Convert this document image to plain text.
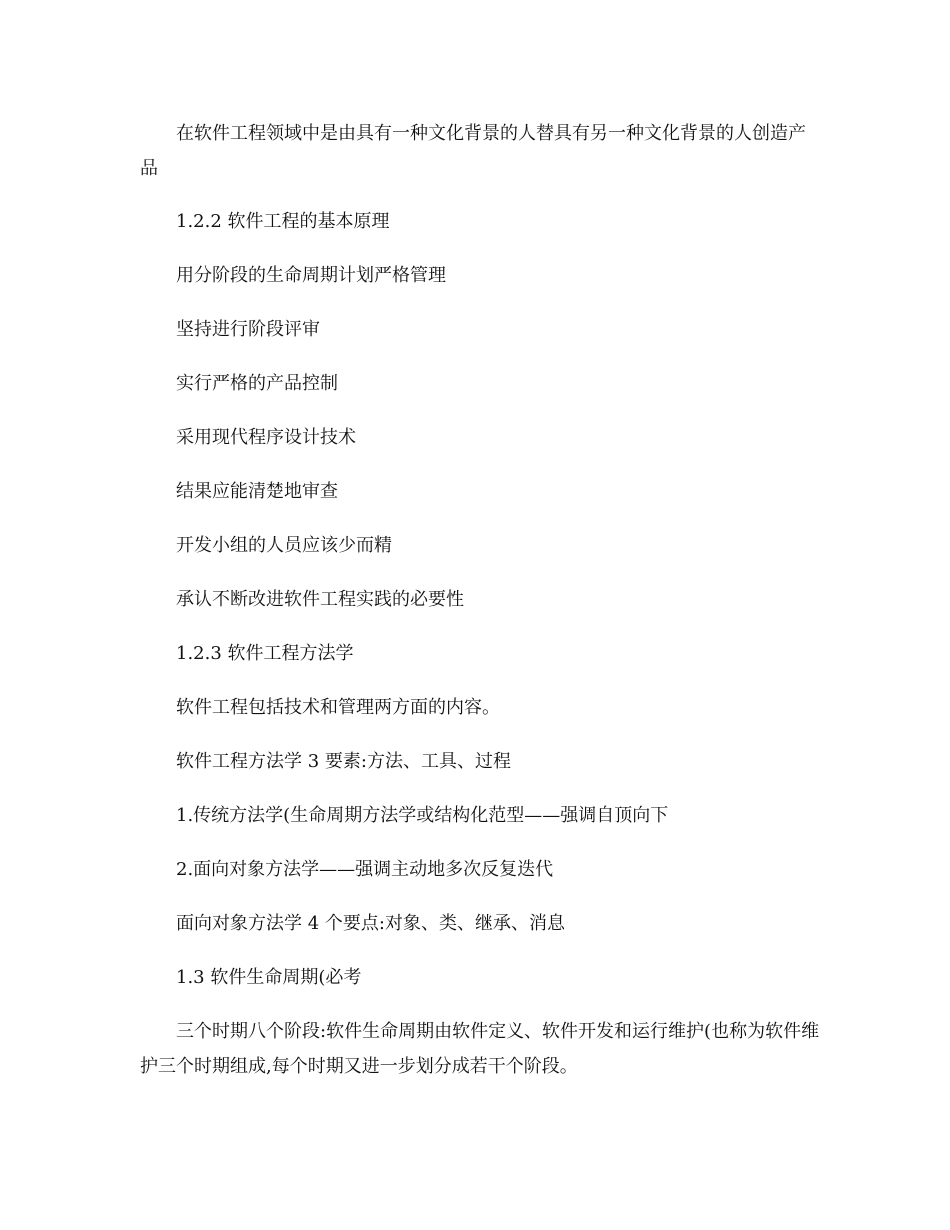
在软件工程领域中是由具有一种文化背景的人替具有另一种文化背景的人创造产品

1.2.2 软件工程的基本原理

用分阶段的生命周期计划严格管理

坚持进行阶段评审

实行严格的产品控制

采用现代程序设计技术

结果应能清楚地审查

开发小组的人员应该少而精

承认不断改进软件工程实践的必要性

1.2.3 软件工程方法学

软件工程包括技术和管理两方面的内容。

软件工程方法学 3 要素:方法、工具、过程

1.传统方法学(生命周期方法学或结构化范型——强调自顶向下

2.面向对象方法学——强调主动地多次反复迭代

面向对象方法学 4 个要点:对象、类、继承、消息

1.3 软件生命周期(必考

三个时期八个阶段:软件生命周期由软件定义、软件开发和运行维护(也称为软件维护三个时期组成,每个时期又进一步划分成若干个阶段。
